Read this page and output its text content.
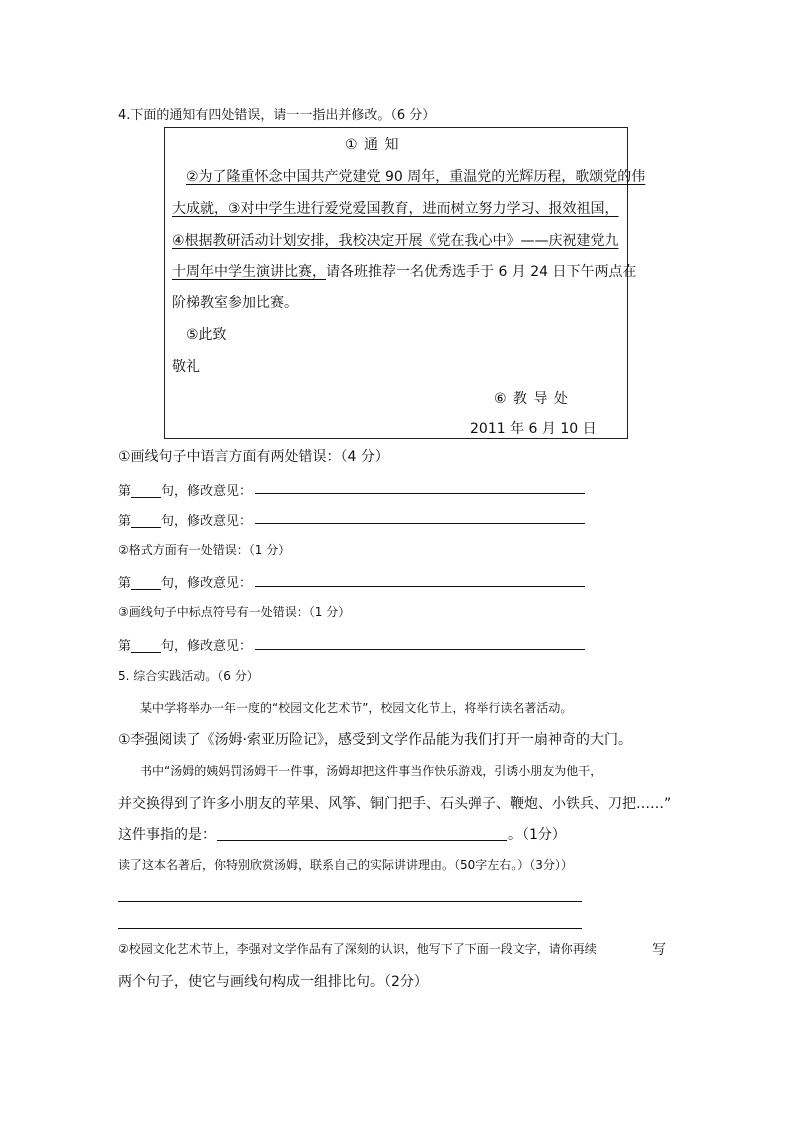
4.下面的通知有四处错误，请一一指出并修改。（6 分）
① 通 知
②为了隆重怀念中国共产党建党 90 周年，重温党的光辉历程，歌颂党的伟
大成就，③对中学生进行爱党爱国教育，进而树立努力学习、报效祖国，
④根据教研活动计划安排，我校决定开展《党在我心中》——庆祝建党九
十周年中学生演讲比赛，请各班推荐一名优秀选手于 6 月 24 日下午两点在
阶梯教室参加比赛。
⑤此致
敬礼
⑥ 教 导 处
2011 年 6 月 10 日
①画线句子中语言方面有两处错误：（4 分）
第 句，修改意见：
第 句，修改意见：
②格式方面有一处错误：（1 分）
第 句，修改意见：
③画线句子中标点符号有一处错误：（1 分）
第 句，修改意见：
5. 综合实践活动。（6 分）
某中学将举办一年一度的“校园文化艺术节”，校园文化节上，将举行读名著活动。
①李强阅读了《汤姆·索亚历险记》，感受到文学作品能为我们打开一扇神奇的大门。
书中“汤姆的姨妈罚汤姆干一件事，汤姆却把这件事当作快乐游戏，引诱小朋友为他干，
并交换得到了许多小朋友的苹果、风筝、铜门把手、石头弹子、鞭炮、小铁兵、刀把……”
这件事指的是：	。（1分）
读了这本名著后，你特别欣赏汤姆，联系自己的实际讲讲理由。（50字左右。）（3分））
②校园文化艺术节上，李强对文学作品有了深刻的认识，他写下了下面一段文字，请你再续	写
两个句子，使它与画线句构成一组排比句。（2分）
